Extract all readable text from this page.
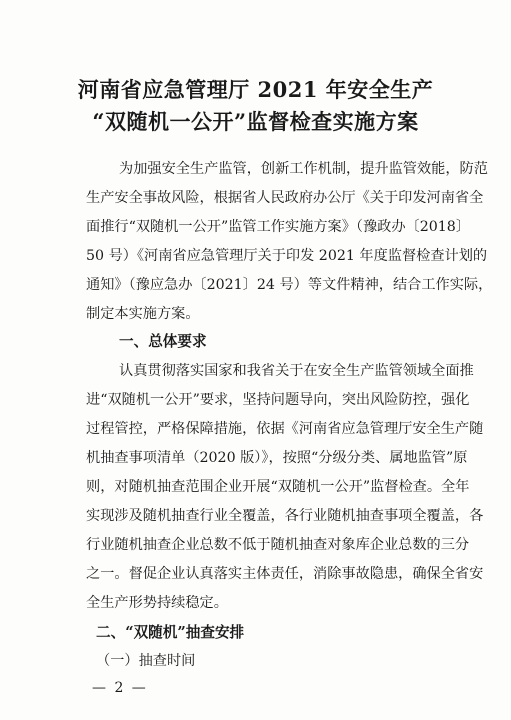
河南省应急管理厅 2021 年安全生产
“双随机一公开”监督检查实施方案

为加强安全生产监管，创新工作机制，提升监管效能，防范

生产安全事故风险，根据省人民政府办公厅《关于印发河南省全

面推行“双随机一公开”监管工作实施方案》（豫政办〔2018〕

50 号）《河南省应急管理厅关于印发 2021 年度监督检查计划的

通知》（豫应急办〔2021〕24 号）等文件精神，结合工作实际，

制定本实施方案。

一、总体要求

认真贯彻落实国家和我省关于在安全生产监管领域全面推

进“双随机一公开”要求，坚持问题导向，突出风险防控，强化

过程管控，严格保障措施，依据《河南省应急管理厅安全生产随

机抽查事项清单（2020 版）》，按照“分级分类、属地监管”原

则，对随机抽查范围企业开展“双随机一公开”监督检查。全年

实现涉及随机抽查行业全覆盖，各行业随机抽查事项全覆盖，各

行业随机抽查企业总数不低于随机抽查对象库企业总数的三分

之一。督促企业认真落实主体责任，消除事故隐患，确保全省安

全生产形势持续稳定。

二、“双随机”抽查安排

（一）抽查时间

— 2 —
